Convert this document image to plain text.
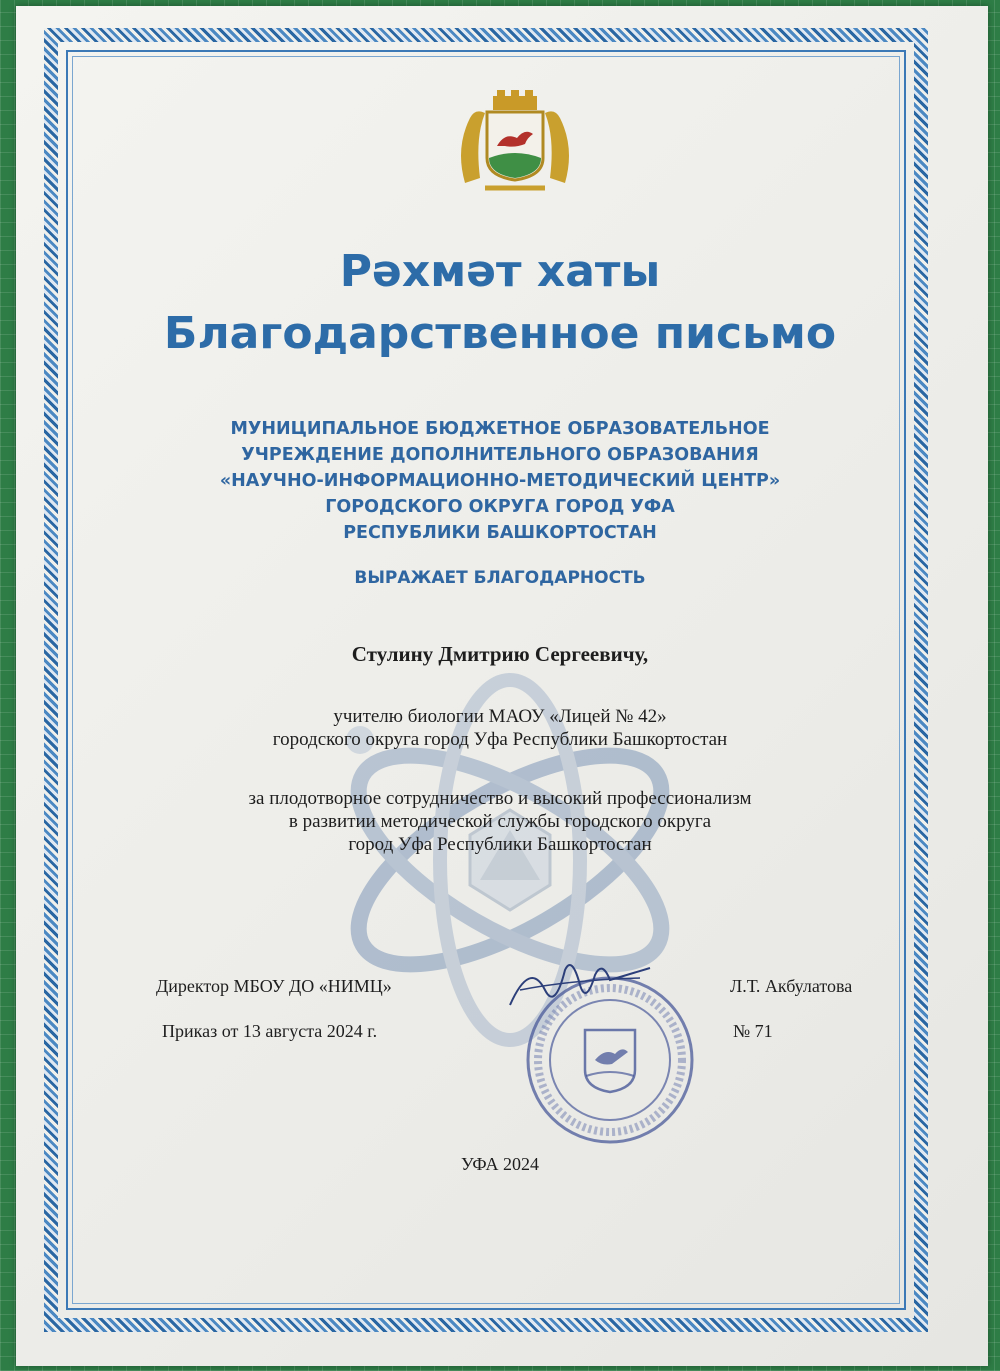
Рәхмәт хаты
Благодарственное письмо
МУНИЦИПАЛЬНОЕ БЮДЖЕТНОЕ ОБРАЗОВАТЕЛЬНОЕ
УЧРЕЖДЕНИЕ ДОПОЛНИТЕЛЬНОГО ОБРАЗОВАНИЯ
«НАУЧНО-ИНФОРМАЦИОННО-МЕТОДИЧЕСКИЙ ЦЕНТР»
ГОРОДСКОГО ОКРУГА ГОРОД УФА
РЕСПУБЛИКИ БАШКОРТОСТАН
ВЫРАЖАЕТ БЛАГОДАРНОСТЬ
Стулину Дмитрию Сергеевичу,
учителю биологии МАОУ «Лицей № 42»
городского округа город Уфа Республики Башкортостан
за плодотворное сотрудничество и высокий профессионализм
в развитии методической службы городского округа
город Уфа Республики Башкортостан
Директор МБОУ ДО «НИМЦ»	Л.Т. Акбулатова
Приказ от 13 августа 2024 г.	№ 71
УФА 2024
